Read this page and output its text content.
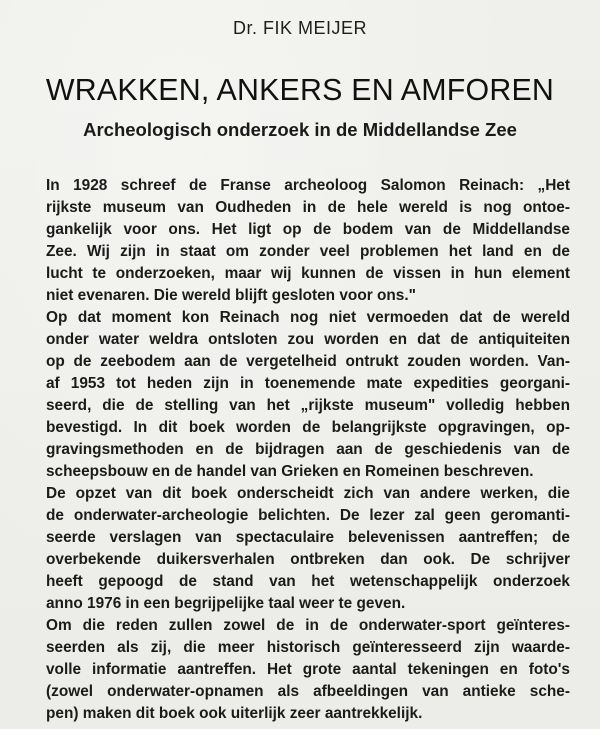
Dr. FIK MEIJER
WRAKKEN, ANKERS EN AMFOREN
Archeologisch onderzoek in de Middellandse Zee
In 1928 schreef de Franse archeoloog Salomon Reinach: „Het
rijkste museum van Oudheden in de hele wereld is nog ontoe-
gankelijk voor ons. Het ligt op de bodem van de Middellandse
Zee. Wij zijn in staat om zonder veel problemen het land en de
lucht te onderzoeken, maar wij kunnen de vissen in hun element
niet evenaren. Die wereld blijft gesloten voor ons."
Op dat moment kon Reinach nog niet vermoeden dat de wereld
onder water weldra ontsloten zou worden en dat de antiquiteiten
op de zeebodem aan de vergetelheid ontrukt zouden worden. Van-
af 1953 tot heden zijn in toenemende mate expedities georgani-
seerd, die de stelling van het „rijkste museum" volledig hebben
bevestigd. In dit boek worden de belangrijkste opgravingen, op-
gravingsmethoden en de bijdragen aan de geschiedenis van de
scheepsbouw en de handel van Grieken en Romeinen beschreven.
De opzet van dit boek onderscheidt zich van andere werken, die
de onderwater-archeologie belichten. De lezer zal geen geromanti-
seerde verslagen van spectaculaire belevenissen aantreffen; de
overbekende duikersverhalen ontbreken dan ook. De schrijver
heeft gepoogd de stand van het wetenschappelijk onderzoek
anno 1976 in een begrijpelijke taal weer te geven.
Om die reden zullen zowel de in de onderwater-sport geïnteres-
seerden als zij, die meer historisch geïnteresseerd zijn waarde-
volle informatie aantreffen. Het grote aantal tekeningen en foto's
(zowel onderwater-opnamen als afbeeldingen van antieke sche-
pen) maken dit boek ook uiterlijk zeer aantrekkelijk.
